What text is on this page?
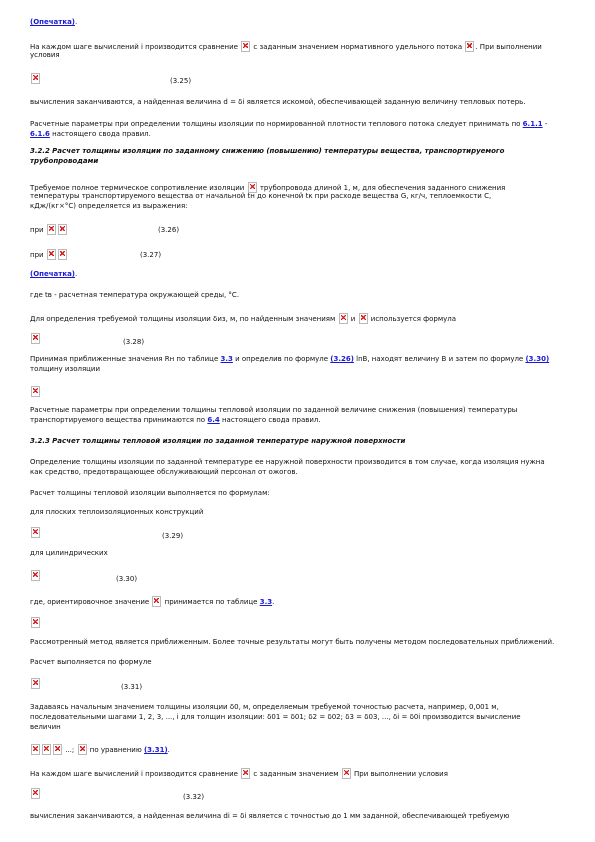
(Опечатка).

На каждом шаге вычислений i производится сравнение с заданным значением нормативного удельного потока . При выполнении

условия

(3.25)

вычисления заканчиваются, а найденная величина d = δi является искомой, обеспечивающей заданную величину тепловых потерь.

Расчетные параметры при определении толщины изоляции по нормированной плотности теплового потока следует принимать по 6.1.1 -

6.1.6 настоящего свода правил.

3.2.2 Расчет толщины изоляции по заданному снижению (повышению) температуры вещества, транспортируемого

трубопроводами

Требуемое полное термическое сопротивление изоляции трубопровода длиной 1, м, для обеспечения заданного снижения

температуры транспортируемого вещества от начальной tн до конечной tк при расходе вещества G, кг/ч, теплоемкости C,

кДж/(кг×°С) определяется из выражения:

при	(3.26)

при	(3.27)

(Опечатка).

где tв - расчетная температура окружающей среды, °С.

Для определения требуемой толщины изоляции δиз, м, по найденным значениям и используется формула

(3.28)

Принимая приближенные значения Rн по таблице 3.3 и определив по формуле (3.26) lnB, находят величину B и затем по формуле (3.30)

толщину изоляции

Расчетные параметры при определении толщины тепловой изоляции по заданной величине снижения (повышения) температуры

транспортируемого вещества принимаются по 6.4 настоящего свода правил.

3.2.3 Расчет толщины тепловой изоляции по заданной температуре наружной поверхности

Определение толщины изоляции по заданной температуре ее наружной поверхности производится в том случае, когда изоляция нужна

как средство, предотвращающее обслуживающий персонал от ожогов.

Расчет толщины тепловой изоляции выполняется по формулам:

для плоских теплоизоляционных конструкций

(3.29)

для цилиндрических

(3.30)

где, ориентировочное значение принимается по таблице 3.3.

Рассмотренный метод является приближенным. Более точные результаты могут быть получены методом последовательных приближений.

Расчет выполняется по формуле

(3.31)

Задаваясь начальным значением толщины изоляции δ0, м, определяемым требуемой точностью расчета, например, 0,001 м,

последовательными шагами 1, 2, 3, ..., i для толщин изоляции: δ01 = δ01; δ2 = δ02; δ3 = δ03, ..., δi = δ0i производится вычисление

величин

...; по уравнению (3.31).

На каждом шаге вычислений i производится сравнение с заданным значением При выполнении условия

(3.32)

вычисления заканчиваются, а найденная величина di = δi является с точностью до 1 мм заданной, обеспечивающей требуемую
